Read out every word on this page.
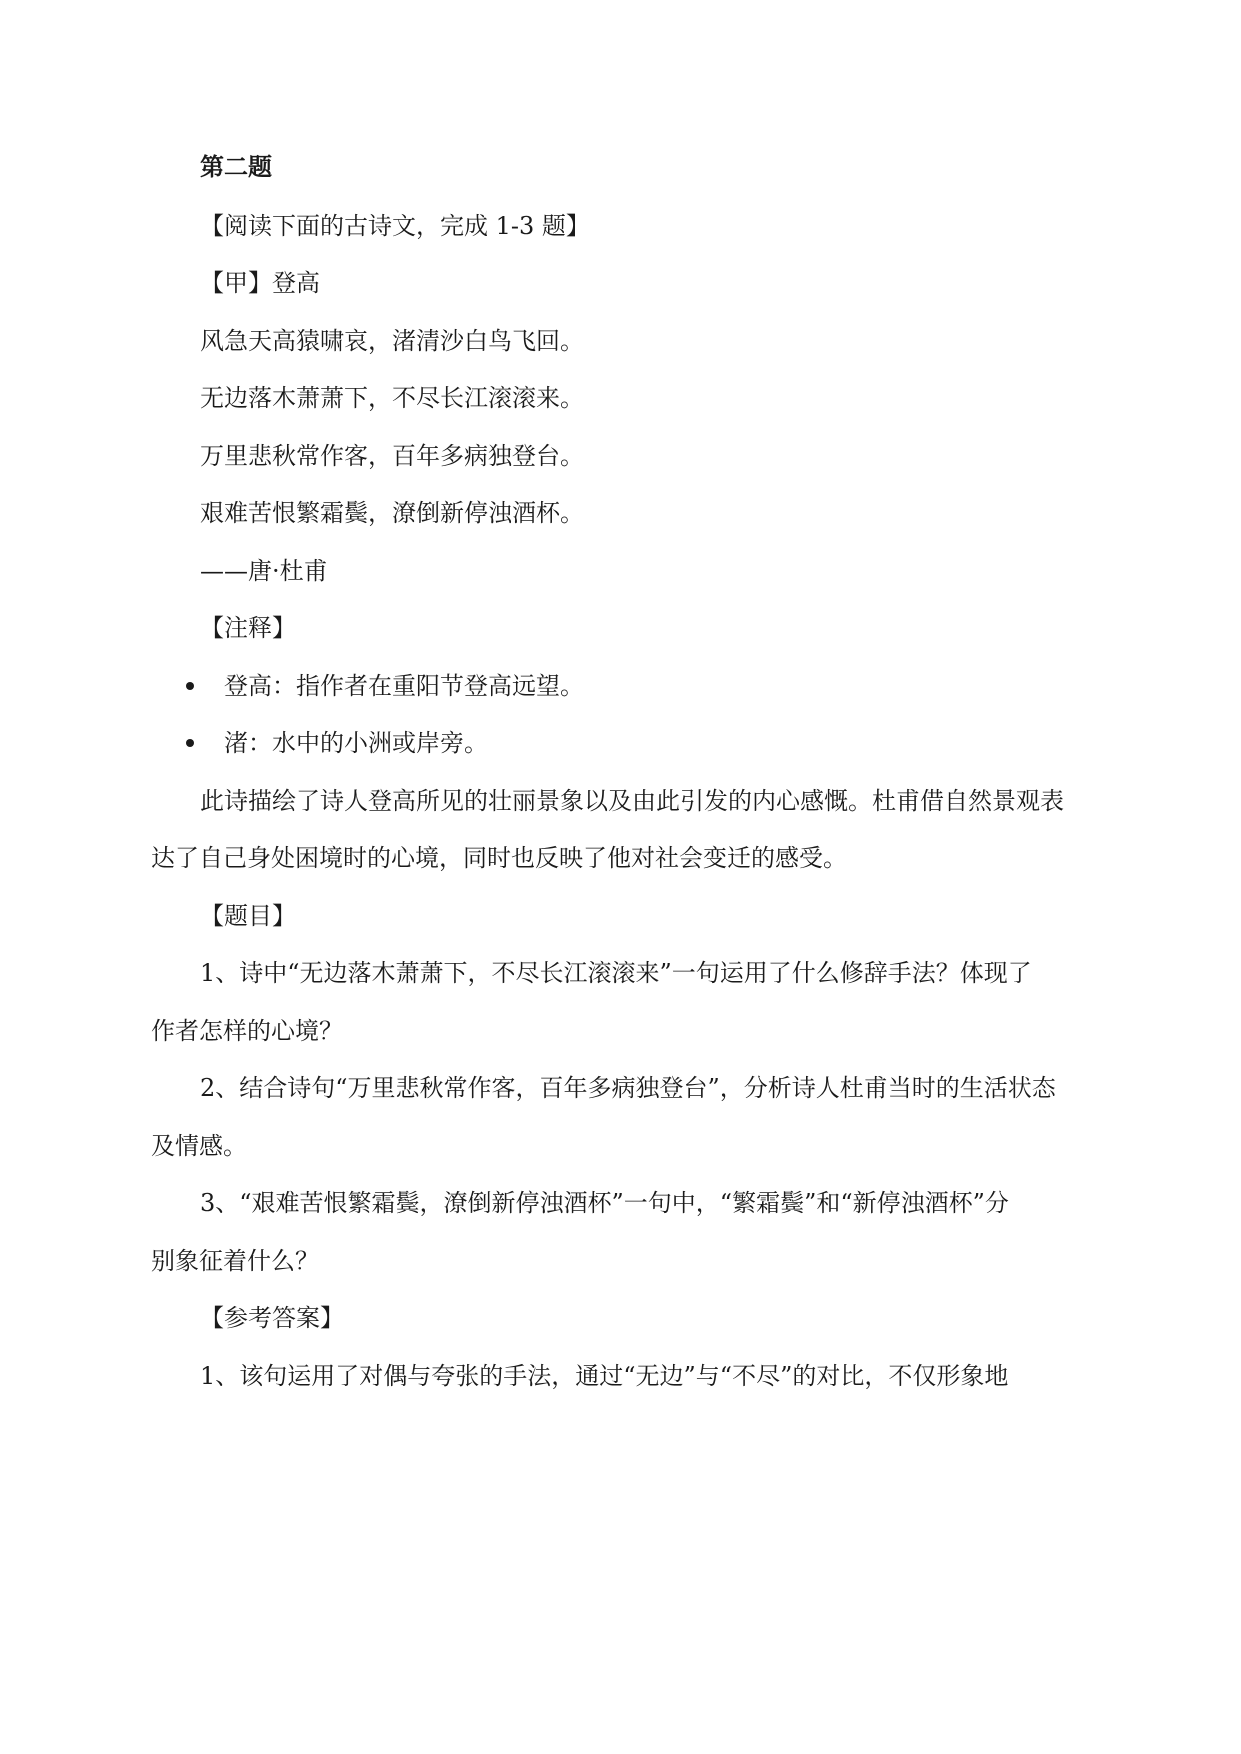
第二题
【阅读下面的古诗文，完成 1-3 题】
【甲】登高
风急天高猿啸哀，渚清沙白鸟飞回。
无边落木萧萧下，不尽长江滚滚来。
万里悲秋常作客，百年多病独登台。
艰难苦恨繁霜鬓，潦倒新停浊酒杯。
——唐·杜甫
【注释】
登高：指作者在重阳节登高远望。
渚：水中的小洲或岸旁。
此诗描绘了诗人登高所见的壮丽景象以及由此引发的内心感慨。杜甫借自然景观表
达了自己身处困境时的心境，同时也反映了他对社会变迁的感受。
【题目】
1、诗中“无边落木萧萧下，不尽长江滚滚来”一句运用了什么修辞手法？体现了
作者怎样的心境？
2、结合诗句“万里悲秋常作客，百年多病独登台”，分析诗人杜甫当时的生活状态
及情感。
3、“艰难苦恨繁霜鬓，潦倒新停浊酒杯”一句中，“繁霜鬓”和“新停浊酒杯”分
别象征着什么？
【参考答案】
1、该句运用了对偶与夸张的手法，通过“无边”与“不尽”的对比，不仅形象地
